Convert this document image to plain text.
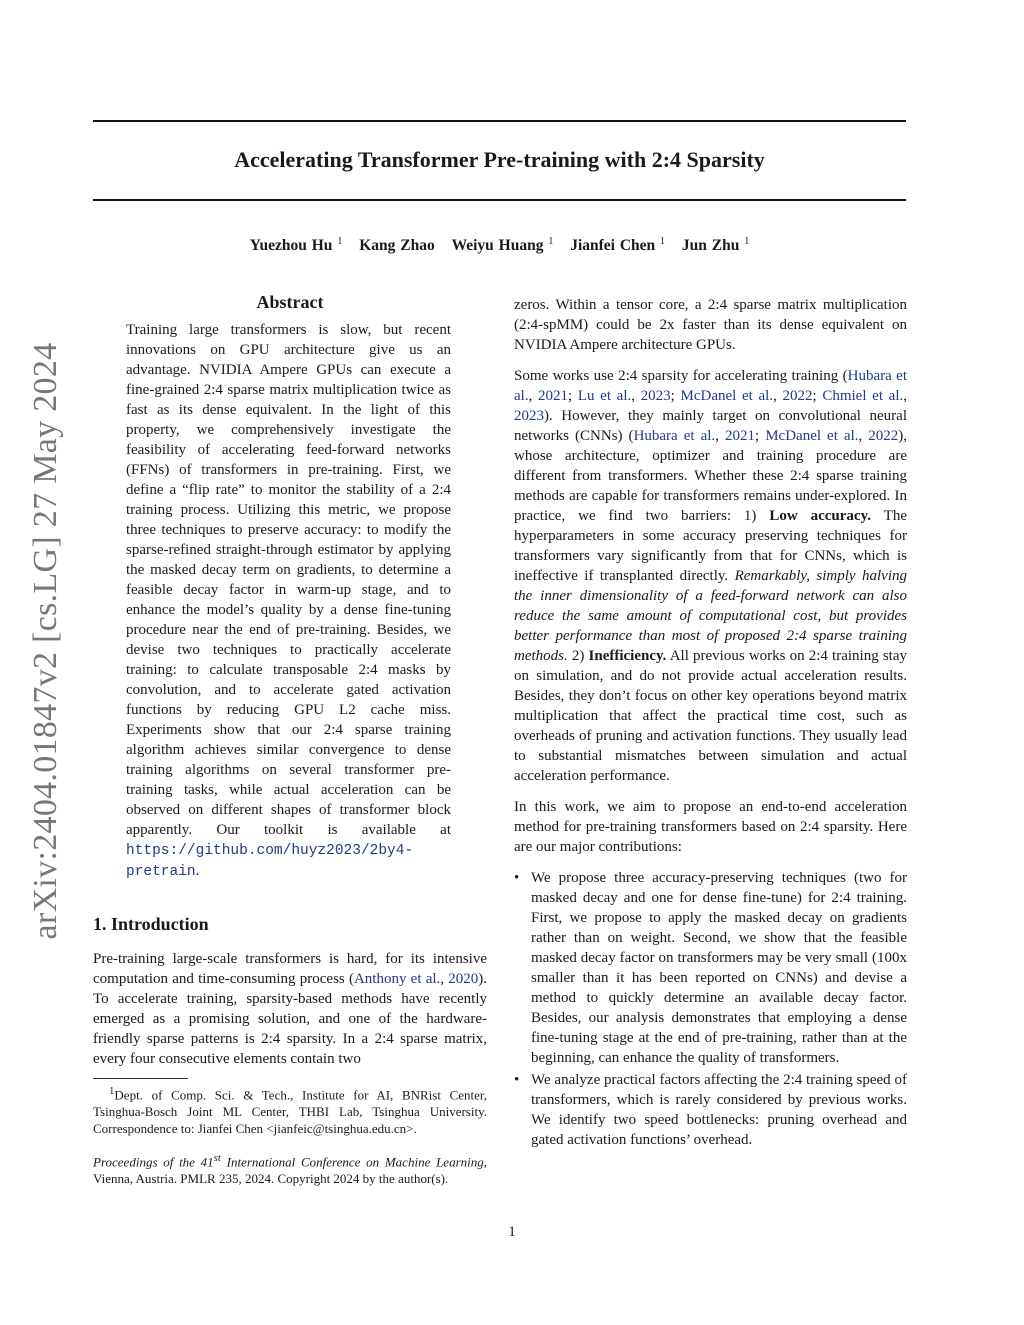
Accelerating Transformer Pre-training with 2:4 Sparsity
Yuezhou Hu $^1$ Kang Zhao Weiyu Huang $^1$ Jianfei Chen $^1$ Jun Zhu $^1$
arXiv:2404.01847v2 [cs.LG] 27 May 2024
Abstract
Training large transformers is slow, but recent innovations on GPU architecture give us an advantage. NVIDIA Ampere GPUs can execute a fine-grained 2:4 sparse matrix multiplication twice as fast as its dense equivalent. In the light of this property, we comprehensively investigate the feasibility of accelerating feed-forward networks (FFNs) of transformers in pre-training. First, we define a “flip rate” to monitor the stability of a 2:4 training process. Utilizing this metric, we propose three techniques to preserve accuracy: to modify the sparse-refined straight-through estimator by applying the masked decay term on gradients, to determine a feasible decay factor in warm-up stage, and to enhance the model’s quality by a dense fine-tuning procedure near the end of pre-training. Besides, we devise two techniques to practically accelerate training: to calculate transposable 2:4 masks by convolution, and to accelerate gated activation functions by reducing GPU L2 cache miss. Experiments show that our 2:4 sparse training algorithm achieves similar convergence to dense training algorithms on several transformer pre-training tasks, while actual acceleration can be observed on different shapes of transformer block apparently. Our toolkit is available at https://github.com/huyz2023/2by4-pretrain.
1. Introduction
Pre-training large-scale transformers is hard, for its intensive computation and time-consuming process (Anthony et al., 2020). To accelerate training, sparsity-based methods have recently emerged as a promising solution, and one of the hardware-friendly sparse patterns is 2:4 sparsity. In a 2:4 sparse matrix, every four consecutive elements contain two
$^1$Dept. of Comp. Sci. & Tech., Institute for AI, BNRist Center, Tsinghua-Bosch Joint ML Center, THBI Lab, Tsinghua University. Correspondence to: Jianfei Chen <jianfeic@tsinghua.edu.cn>.
Proceedings of the 41st International Conference on Machine Learning, Vienna, Austria. PMLR 235, 2024. Copyright 2024 by the author(s).

zeros. Within a tensor core, a 2:4 sparse matrix multiplication (2:4-spMM) could be 2x faster than its dense equivalent on NVIDIA Ampere architecture GPUs.

Some works use 2:4 sparsity for accelerating training (Hubara et al., 2021; Lu et al., 2023; McDanel et al., 2022; Chmiel et al., 2023). However, they mainly target on convolutional neural networks (CNNs) (Hubara et al., 2021; McDanel et al., 2022), whose architecture, optimizer and training procedure are different from transformers. Whether these 2:4 sparse training methods are capable for transformers remains under-explored. In practice, we find two barriers: 1) Low accuracy. The hyperparameters in some accuracy preserving techniques for transformers vary significantly from that for CNNs, which is ineffective if transplanted directly. Remarkably, simply halving the inner dimensionality of a feed-forward network can also reduce the same amount of computational cost, but provides better performance than most of proposed 2:4 sparse training methods. 2) Inefficiency. All previous works on 2:4 training stay on simulation, and do not provide actual acceleration results. Besides, they don’t focus on other key operations beyond matrix multiplication that affect the practical time cost, such as overheads of pruning and activation functions. They usually lead to substantial mismatches between simulation and actual acceleration performance.

In this work, we aim to propose an end-to-end acceleration method for pre-training transformers based on 2:4 sparsity. Here are our major contributions:

• We propose three accuracy-preserving techniques (two for masked decay and one for dense fine-tune) for 2:4 training. First, we propose to apply the masked decay on gradients rather than on weight. Second, we show that the feasible masked decay factor on transformers may be very small (100x smaller than it has been reported on CNNs) and devise a method to quickly determine an available decay factor. Besides, our analysis demonstrates that employing a dense fine-tuning stage at the end of pre-training, rather than at the beginning, can enhance the quality of transformers.
• We analyze practical factors affecting the 2:4 training speed of transformers, which is rarely considered by previous works. We identify two speed bottlenecks: pruning overhead and gated activation functions’ overhead.
1
